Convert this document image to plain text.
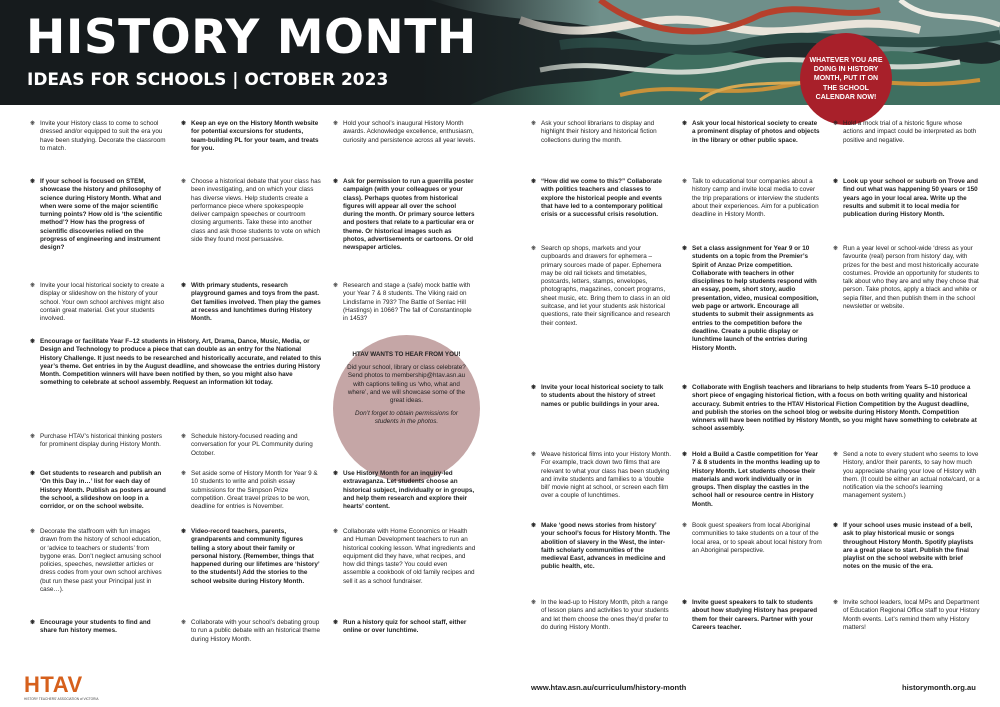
HISTORY MONTH
IDEAS FOR SCHOOLS | OCTOBER 2023
WHATEVER YOU ARE DOING IN HISTORY MONTH, PUT IT ON THE SCHOOL CALENDAR NOW!
❋ Invite your History class to come to school dressed and/or equipped to suit the era you have been studying. Decorate the classroom to match.
❋ If your school is focused on STEM, showcase the history and philosophy of science during History Month. What and when were some of the major scientific turning points? How old is ‘the scientific method’? How has the progress of scientific discoveries relied on the progress of engineering and instrument design?
❋ Invite your local historical society to create a display or slideshow on the history of your school. Your own school archives might also contain great material. Get your students involved.
❋ Keep an eye on the History Month website for potential excursions for students, team-building PL for your team, and treats for you.
❋ Choose a historical debate that your class has been investigating, and on which your class has diverse views. Help students create a performance piece where spokespeople deliver campaign speeches or courtroom closing arguments. Take these into another class and ask those students to vote on which side they found most persuasive.
❋ With primary students, research playground games and toys from the past. Get families involved. Then play the games at recess and lunchtimes during History Month.
❋ Hold your school’s inaugural History Month awards. Acknowledge excellence, enthusiasm, curiosity and persistence across all year levels.
❋ Ask for permission to run a guerrilla poster campaign (with your colleagues or your class). Perhaps quotes from historical figures will appear all over the school during the month. Or primary source letters and posters that relate to a particular era or theme. Or historical images such as photos, advertisements or cartoons. Or old newspaper articles.
❋ Research and stage a (safe) mock battle with your Year 7 & 8 students. The Viking raid on Lindisfarne in 793? The Battle of Senlac Hill (Hastings) in 1066? The fall of Constantinople in 1453?
❋ Encourage or facilitate Year F–12 students in History, Art, Drama, Dance, Music, Media, or Design and Technology to produce a piece that can double as an entry for the National History Challenge. It just needs to be researched and historically accurate, and related to this year’s theme. Get entries in by the August deadline, and showcase the entries during History Month. Competition winners will have been notified by then, so you might also have something to celebrate at school assembly. Request an information kit today.
HTAV WANTS TO HEAR FROM YOU!
Did your school, library or class celebrate? Send photos to membership@htav.asn.au with captions telling us ‘who, what and where’, and we will showcase some of the great ideas.
Don’t forget to obtain permissions for students in the photos.
❋ Purchase HTAV’s historical thinking posters for prominent display during History Month.
❋ Get students to research and publish an ‘On this Day in…’ list for each day of History Month. Publish as posters around the school, a slideshow on loop in a corridor, or on the school website.
❋ Decorate the staffroom with fun images drawn from the history of school education, or ‘advice to teachers or students’ from bygone eras. Don’t neglect amusing school policies, speeches, newsletter articles or dress codes from your own school archives (but run these past your Principal just in case…).
❋ Encourage your students to find and share fun history memes.
❋ Schedule history-focused reading and conversation for your PL Community during October.
❋ Set aside some of History Month for Year 9 & 10 students to write and polish essay submissions for the Simpson Prize competition. Great travel prizes to be won, deadline for entries is November.
❋ Video-record teachers, parents, grandparents and community figures telling a story about their family or personal history. (Remember, things that happened during our lifetimes are ‘history’ to the students!) Add the stories to the school website during History Month.
❋ Collaborate with your school’s debating group to run a public debate with an historical theme during History Month.
❋ Use History Month for an inquiry-led extravaganza. Let students choose an historical subject, individually or in groups, and help them research and explore their hearts’ content.
❋ Collaborate with Home Economics or Health and Human Development teachers to run an historical cooking lesson. What ingredients and equipment did they have, what recipes, and how did things taste? You could even assemble a cookbook of old family recipes and sell it as a school fundraiser.
❋ Run a history quiz for school staff, either online or over lunchtime.
❋ Ask your school librarians to display and highlight their history and historical fiction collections during the month.
❋ “How did we come to this?” Collaborate with politics teachers and classes to explore the historical people and events that have led to a contemporary political crisis or a successful crisis resolution.
❋ Search op shops, markets and your cupboards and drawers for ephemera – primary sources made of paper. Ephemera may be old rail tickets and timetables, postcards, letters, stamps, envelopes, photographs, magazines, concert programs, sheet music, etc. Bring them to class in an old suitcase, and let your students ask historical questions, rate their significance and research their context.
❋ Ask your local historical society to create a prominent display of photos and objects in the library or other public space.
❋ Talk to educational tour companies about a history camp and invite local media to cover the trip preparations or interview the students about their experiences. Aim for a publication deadline in History Month.
❋ Set a class assignment for Year 9 or 10 students on a topic from the Premier’s Spirit of Anzac Prize competition. Collaborate with teachers in other disciplines to help students respond with an essay, poem, short story, audio presentation, video, musical composition, web page or artwork. Encourage all students to submit their assignments as entries to the competition before the deadline. Create a public display or lunchtime launch of the entries during History Month.
❋ Hold a mock trial of a historic figure whose actions and impact could be interpreted as both positive and negative.
❋ Look up your school or suburb on Trove and find out what was happening 50 years or 150 years ago in your local area. Write up the results and submit it to local media for publication during History Month.
❋ Run a year level or school-wide ‘dress as your favourite (real) person from history’ day, with prizes for the best and most historically accurate costumes. Provide an opportunity for students to talk about who they are and why they chose that person. Take photos, apply a black and white or sepia filter, and then publish them in the school newsletter or website.
❋ Invite your local historical society to talk to students about the history of street names or public buildings in your area.
❋ Collaborate with English teachers and librarians to help students from Years 5–10 produce a short piece of engaging historical fiction, with a focus on both writing quality and historical accuracy. Submit entries to the HTAV Historical Fiction Competition by the August deadline, and publish the stories on the school blog or website during History Month. Competition winners will have been notified by History Month, so you might have something to celebrate at school assembly.
❋ Weave historical films into your History Month. For example, track down two films that are relevant to what your class has been studying and invite students and families to a ‘double bill’ movie night at school, or screen each film over a couple of lunchtimes.
❋ Make ‘good news stories from history’ your school’s focus for History Month. The abolition of slavery in the West, the inter-faith scholarly communities of the medieval East, advances in medicine and public health, etc.
❋ In the lead-up to History Month, pitch a range of lesson plans and activities to your students and let them choose the ones they’d prefer to do during History Month.
❋ Hold a Build a Castle competition for Year 7 & 8 students in the months leading up to History Month. Let students choose their materials and work individually or in groups. Then display the castles in the school hall or resource centre in History Month.
❋ Book guest speakers from local Aboriginal communities to take students on a tour of the local area, or to speak about local history from an Aboriginal perspective.
❋ Invite guest speakers to talk to students about how studying History has prepared them for their careers. Partner with your Careers teacher.
❋ Send a note to every student who seems to love History, and/or their parents, to say how much you appreciate sharing your love of History with them. (It could be either an actual note/card, or a notification via the school’s learning management system.)
❋ If your school uses music instead of a bell, ask to play historical music or songs throughout History Month. Spotify playlists are a great place to start. Publish the final playlist on the school website with brief notes on the music of the era.
❋ Invite school leaders, local MPs and Department of Education Regional Office staff to your History Month events. Let’s remind them why History matters!
HTAV
HISTORY TEACHERS’ ASSOCIATION of VICTORIA
www.htav.asn.au/curriculum/history-month	historymonth.org.au
